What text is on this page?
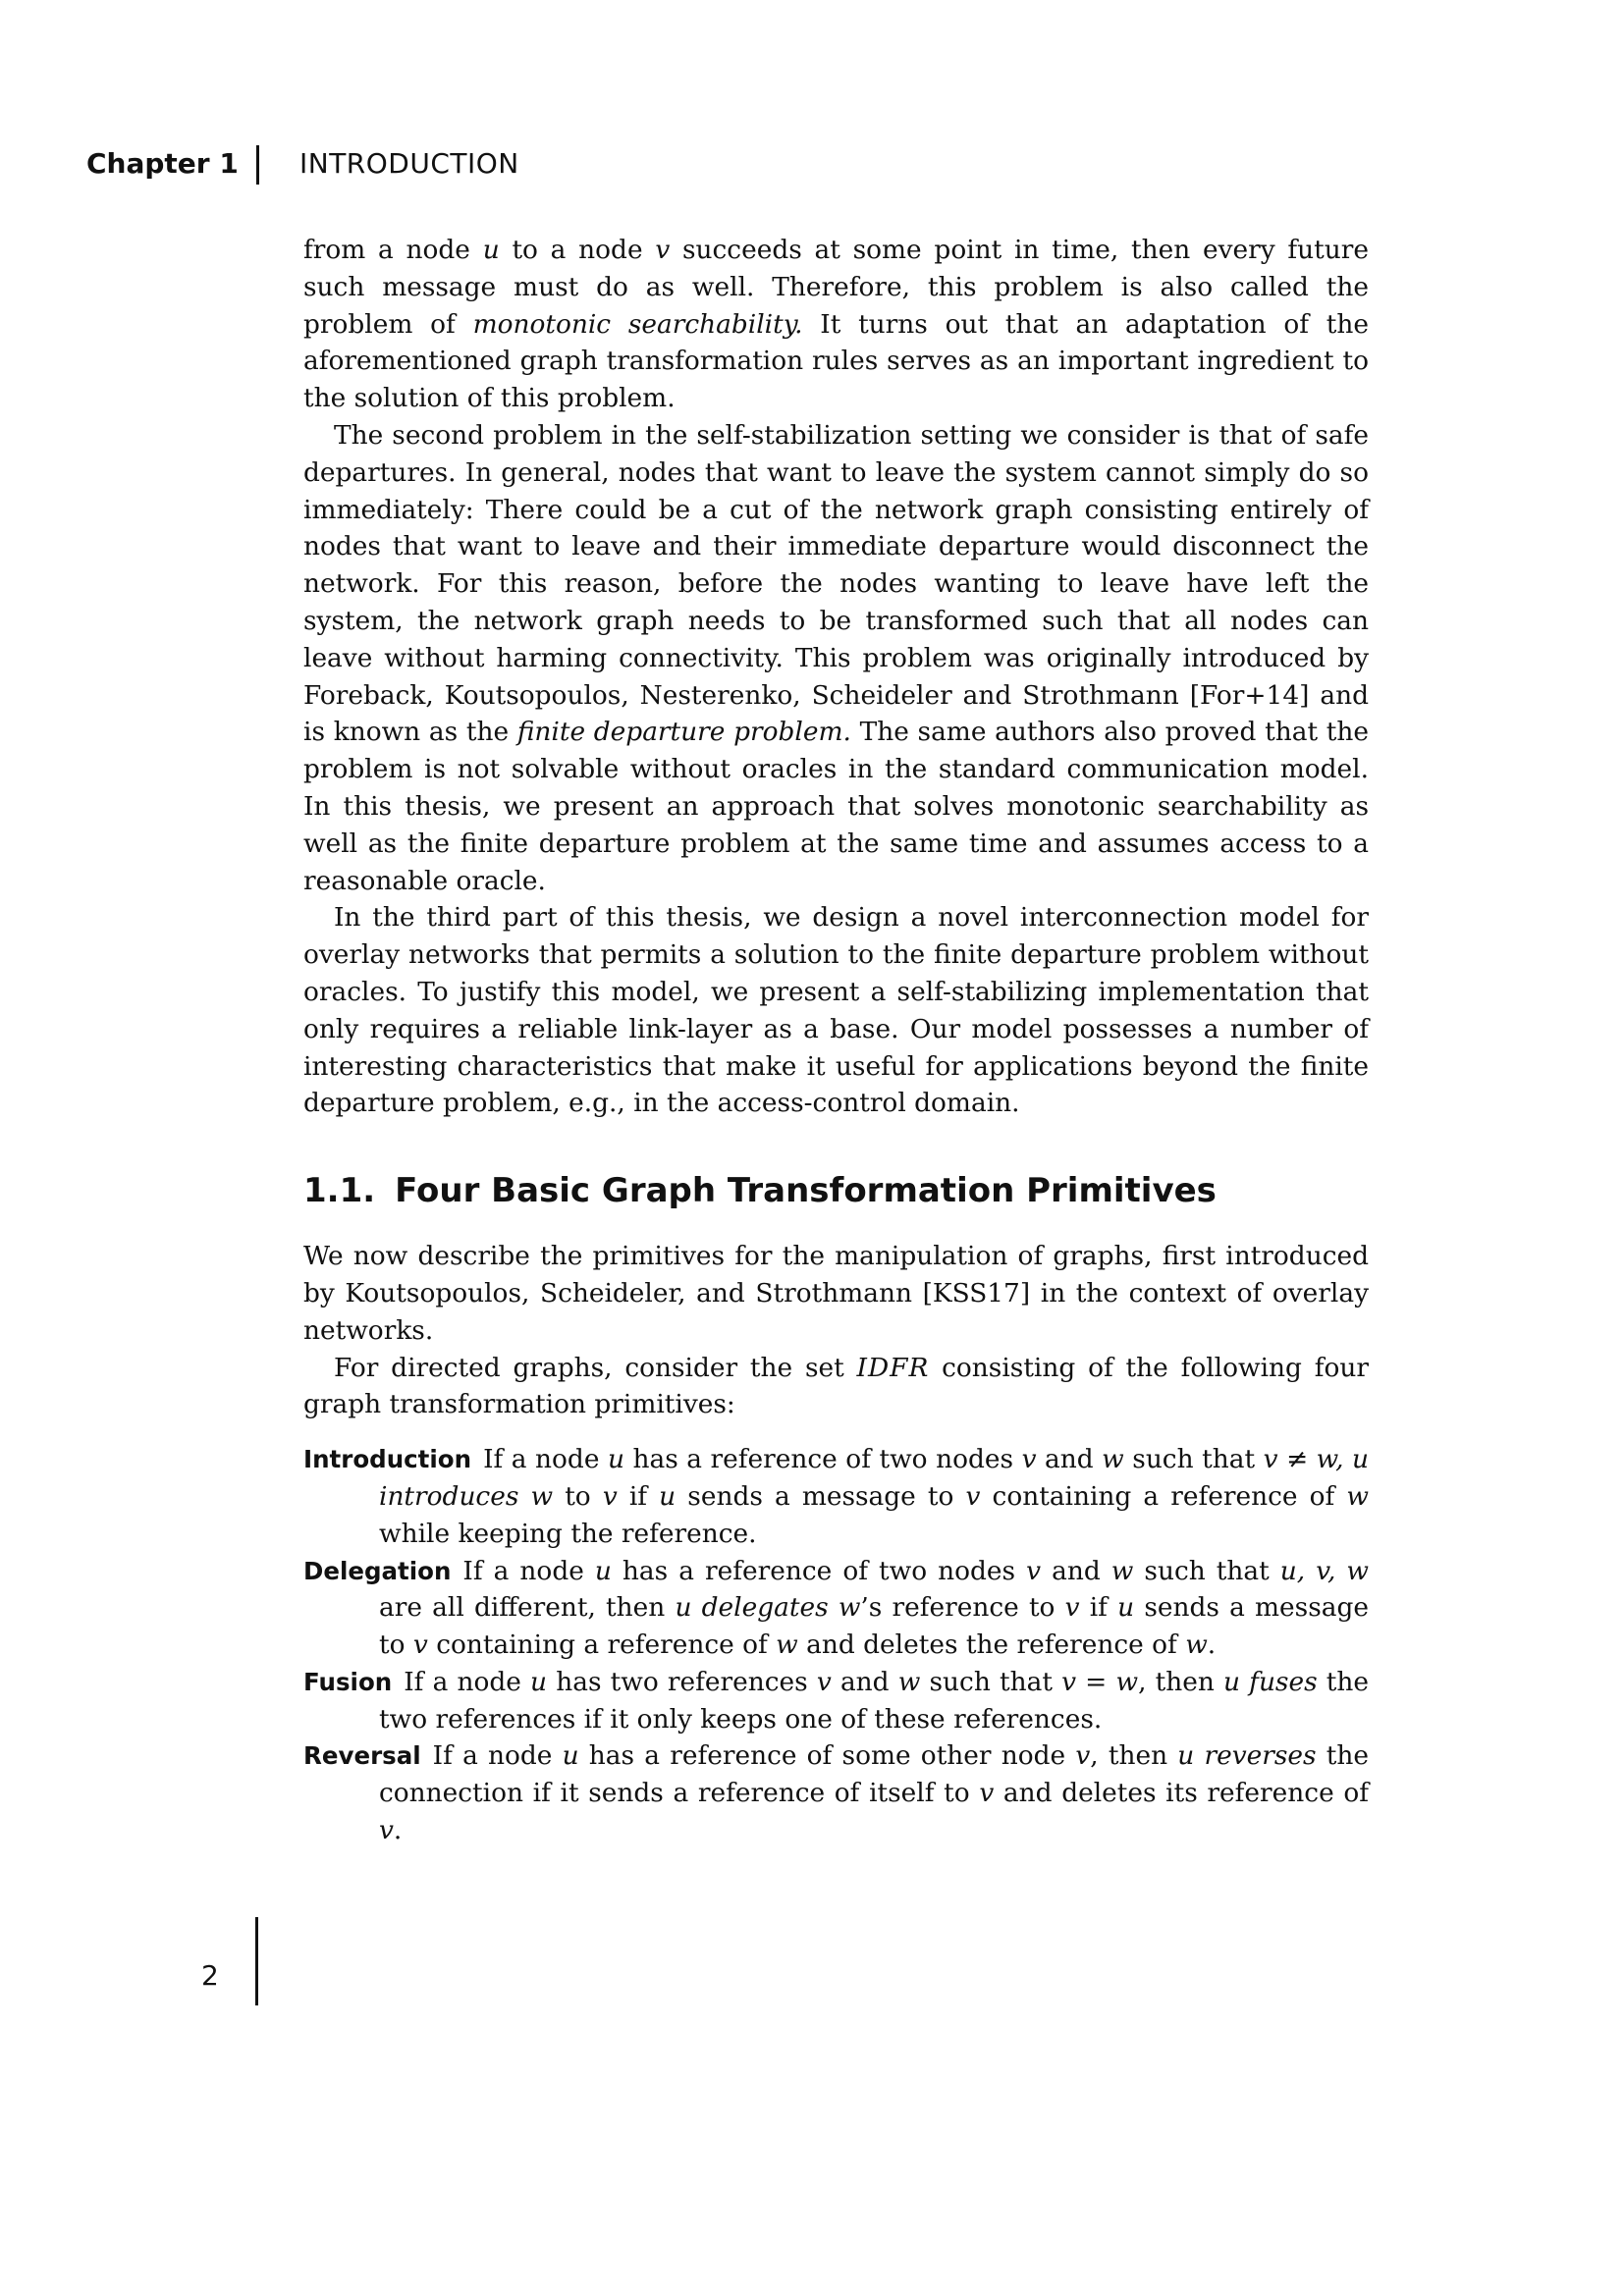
Chapter 1 INTRODUCTION

from a node u to a node v succeeds at some point in time, then every future such message must do as well. Therefore, this problem is also called the problem of monotonic searchability. It turns out that an adaptation of the aforementioned graph transformation rules serves as an important ingredient to the solution of this problem.

The second problem in the self-stabilization setting we consider is that of safe departures. In general, nodes that want to leave the system cannot simply do so immediately: There could be a cut of the network graph consisting entirely of nodes that want to leave and their immediate departure would disconnect the network. For this reason, before the nodes wanting to leave have left the system, the network graph needs to be transformed such that all nodes can leave without harming connectivity. This problem was originally introduced by Foreback, Koutsopoulos, Nesterenko, Scheideler and Strothmann [For+14] and is known as the finite departure problem. The same authors also proved that the problem is not solvable without oracles in the standard communication model. In this thesis, we present an approach that solves monotonic searchability as well as the finite departure problem at the same time and assumes access to a reasonable oracle.

In the third part of this thesis, we design a novel interconnection model for overlay networks that permits a solution to the finite departure problem without oracles. To justify this model, we present a self-stabilizing implementation that only requires a reliable link-layer as a base. Our model possesses a number of interesting characteristics that make it useful for applications beyond the finite departure problem, e.g., in the access-control domain.

1.1. Four Basic Graph Transformation Primitives

We now describe the primitives for the manipulation of graphs, first introduced by Koutsopoulos, Scheideler, and Strothmann [KSS17] in the context of overlay networks.

For directed graphs, consider the set IDFR consisting of the following four graph transformation primitives:

Introduction If a node u has a reference of two nodes v and w such that v ≠ w, u introduces w to v if u sends a message to v containing a reference of w while keeping the reference.

Delegation If a node u has a reference of two nodes v and w such that u, v, w are all different, then u delegates w’s reference to v if u sends a message to v containing a reference of w and deletes the reference of w.

Fusion If a node u has two references v and w such that v = w, then u fuses the two references if it only keeps one of these references.

Reversal If a node u has a reference of some other node v, then u reverses the connection if it sends a reference of itself to v and deletes its reference of v.

2
